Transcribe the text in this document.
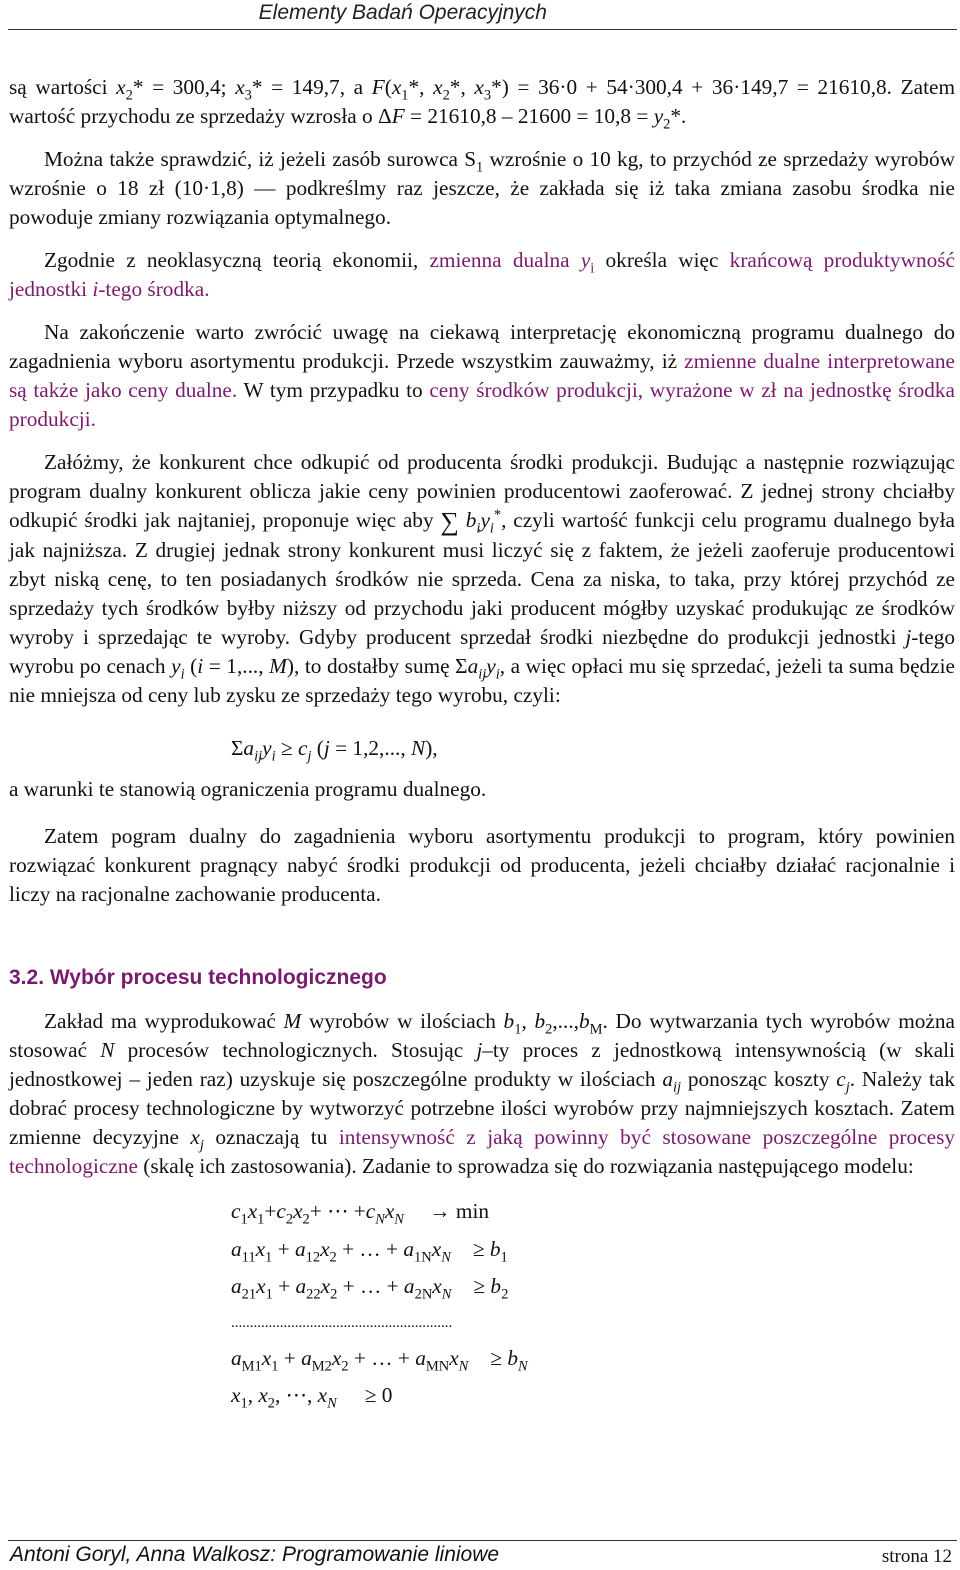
Elementy Badań Operacyjnych

są wartości $x_2* = 300,4$; $x_3* = 149,7$, a $F(x_1*$, $x_2*$, $x_3*) = 36\cdot 0 + 54\cdot 300,4 + 36\cdot 149,7 = 21610,8$. Zatem wartość przychodu ze sprzedaży wzrosła o $\Delta F = 21610,8 - 21600 = 10,8 = y_2*$.

Można także sprawdzić, iż jeżeli zasób surowca $S_1$ wzrośnie o 10 kg, to przychód ze sprzedaży wyrobów wzrośnie o 18 zł (10·1,8) — podkreślmy raz jeszcze, że zakłada się iż taka zmiana zasobu środka nie powoduje zmiany rozwiązania optymalnego.

Zgodnie z neoklasyczną teorią ekonomii, zmienna dualna $y_i$ określa więc krańcową produktywność jednostki i-tego środka.

Na zakończenie warto zwrócić uwagę na ciekawą interpretację ekonomiczną programu dualnego do zagadnienia wyboru asortymentu produkcji. Przede wszystkim zauważmy, iż zmienne dualne interpretowane są także jako ceny dualne. W tym przypadku to ceny środków produkcji, wyrażone w zł na jednostkę środka produkcji.

Załóżmy, że konkurent chce odkupić od producenta środki produkcji. Budując a następnie rozwiązując program dualny konkurent oblicza jakie ceny powinien producentowi zaoferować. Z jednej strony chciałby odkupić środki jak najtaniej, proponuje więc aby ∑ $b_iy_i^*$, czyli wartość funkcji celu programu dualnego była jak najniższa. Z drugiej jednak strony konkurent musi liczyć się z faktem, że jeżeli zaoferuje producentowi zbyt niską cenę, to ten posiadanych środków nie sprzeda. Cena za niska, to taka, przy której przychód ze sprzedaży tych środków byłby niższy od przychodu jaki producent mógłby uzyskać produkując ze środków wyroby i sprzedając te wyroby. Gdyby producent sprzedał środki niezbędne do produkcji jednostki j-tego wyrobu po cenach $y_i$ (i = 1,..., M), to dostałby sumę $\Sigma a_{ij}y_i$, a więc opłaci mu się sprzedać, jeżeli ta suma będzie nie mniejsza od ceny lub zysku ze sprzedaży tego wyrobu, czyli:

$\Sigma a_{ij}y_i \ge c_j$ (j = 1,2,..., N),

a warunki te stanowią ograniczenia programu dualnego.

Zatem pogram dualny do zagadnienia wyboru asortymentu produkcji to program, który powinien rozwiązać konkurent pragnący nabyć środki produkcji od producenta, jeżeli chciałby działać racjonalnie i liczy na racjonalne zachowanie producenta.

3.2. Wybór procesu technologicznego

Zakład ma wyprodukować M wyrobów w ilościach $b_1$, $b_2,...,b_M$. Do wytwarzania tych wyrobów można stosować N procesów technologicznych. Stosując j–ty proces z jednostkową intensywnością (w skali jednostkowej – jeden raz) uzyskuje się poszczególne produkty w ilościach $a_{ij}$ ponosząc koszty $c_j$. Należy tak dobrać procesy technologiczne by wytworzyć potrzebne ilości wyrobów przy najmniejszych kosztach. Zatem zmienne decyzyjne $x_j$ oznaczają tu intensywność z jaką powinny być stosowane poszczególne procesy technologiczne (skalę ich zastosowania). Zadanie to sprowadza się do rozwiązania następującego modelu:

$c_1x_1+c_2x_2+$ ⋯ $+c_Nx_N \to \min$
$a_{11}x_1 + a_{12}x_2$ + … + $a_{1N}x_N \ge b_1$
$a_{21}x_1 + a_{22}x_2$ + … + $a_{2N}x_N \ge b_2$
...........................................................
$a_{M1}x_1 + a_{M2}x_2$ + … + $a_{MN}x_N \ge b_N$
$x_1$, $x_2$, ⋯, $x_N \ge 0$
Antoni Goryl, Anna Walkosz: Programowanie liniowe	strona 12
